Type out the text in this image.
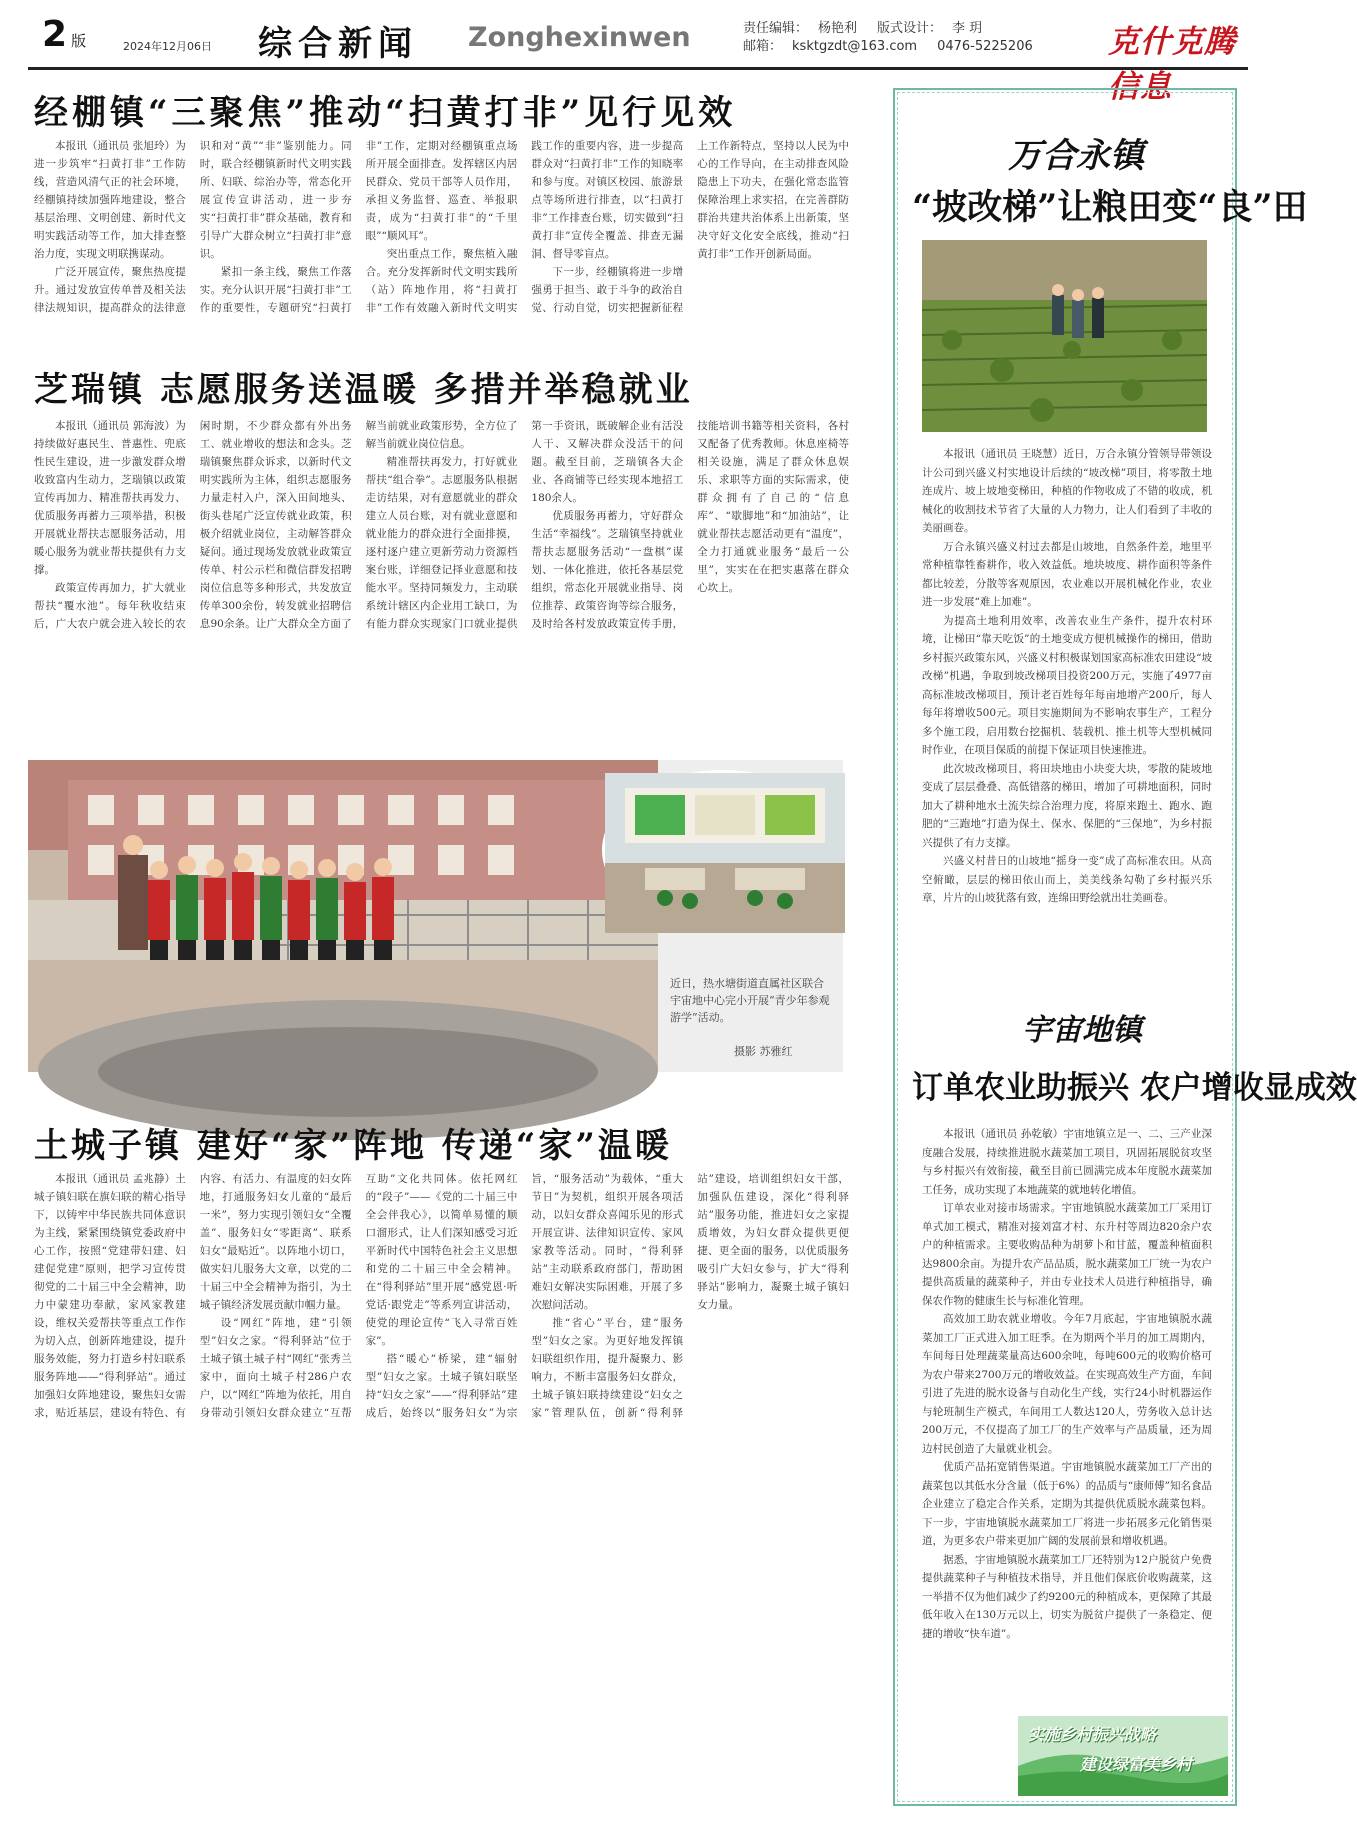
2 版	2024年12月06日 综合新闻 Zonghexinwen	责任编辑： 杨艳利 版式设计： 李 玥
邮箱： ksktgzdt@163.com 0476-5225206	克什克腾信息
经棚镇“三聚焦”推动“扫黄打非”见行见效

本报讯（通讯员 张旭玲）为进一步筑牢“扫黄打非”工作防线，营造风清气正的社会环境，经棚镇持续加强阵地建设，整合基层治理、文明创建、新时代文明实践活动等工作，加大排查整治力度，实现文明联携谋动。

广泛开展宣传，聚焦热度提升。通过发放宣传单普及相关法律法规知识，提高群众的法律意识和对“黄”“非”鉴别能力。同时，联合经棚镇新时代文明实践所、妇联、综治办等，常态化开展宣传宣讲活动，进一步夯实“扫黄打非”群众基础，教育和引导广大群众树立“扫黄打非”意识。

紧扣一条主线，聚焦工作落实。充分认识开展“扫黄打非”工作的重要性，专题研究“扫黄打非”工作，定期对经棚镇重点场所开展全面排查。发挥辖区内居民群众、党员干部等人员作用，承担义务监督、巡查、举报职责，成为“扫黄打非”的“千里眼”“顺风耳”。

突出重点工作，聚焦植入融合。充分发挥新时代文明实践所（站）阵地作用，将“扫黄打非”工作有效融入新时代文明实践工作的重要内容，进一步提高群众对“扫黄打非”工作的知晓率和参与度。对镇区校园、旅游景点等场所进行排查，以“扫黄打非”工作排查台账，切实做到“扫黄打非”宣传全覆盖、排查无漏洞、督导零盲点。

下一步，经棚镇将进一步增强勇于担当、敢于斗争的政治自觉、行动自觉，切实把握新征程上工作新特点，坚持以人民为中心的工作导向，在主动排查风险隐患上下功夫，在强化常态监管保障治理上求实招，在完善群防群治共建共治体系上出新策，坚决守好文化安全底线，推动“扫黄打非”工作开创新局面。

芝瑞镇 志愿服务送温暖 多措并举稳就业

本报讯（通讯员 郭海波）为持续做好惠民生、普惠性、兜底性民生建设，进一步激发群众增收致富内生动力，芝瑞镇以政策宣传再加力、精准帮扶再发力、优质服务再蓄力三项举措，积极开展就业帮扶志愿服务活动，用暖心服务为就业帮扶提供有力支撑。

政策宣传再加力，扩大就业帮扶“覆水池”。每年秋收结束后，广大农户就会进入较长的农闲时期，不少群众都有外出务工、就业增收的想法和念头。芝瑞镇聚焦群众诉求，以新时代文明实践所为主体，组织志愿服务力量走村入户，深入田间地头、街头巷尾广泛宣传就业政策，积极介绍就业岗位，主动解答群众疑问。通过现场发放就业政策宣传单、村公示栏和微信群发招聘岗位信息等多种形式，共发放宣传单300余份，转发就业招聘信息90余条。让广大群众全方面了解当前就业政策形势，全方位了解当前就业岗位信息。

精准帮扶再发力，打好就业帮扶“组合拳”。志愿服务队根据走访结果，对有意愿就业的群众建立人员台账，对有就业意愿和就业能力的群众进行全面排摸，逐村逐户建立更新劳动力资源档案台账，详细登记择业意愿和技能水平。坚持同频发力，主动联系统计辖区内企业用工缺口，为有能力群众实现家门口就业提供第一手资讯，既破解企业有活没人干、又解决群众没活干的问题。截至目前，芝瑞镇各大企业、各商铺等已经实现本地招工180余人。

优质服务再蓄力，守好群众生活“幸福线”。芝瑞镇坚持就业帮扶志愿服务活动“一盘棋”谋划、一体化推进，依托各基层党组织，常态化开展就业指导、岗位推荐、政策咨询等综合服务，及时给各村发放政策宣传手册，技能培训书籍等相关资料，各村又配备了优秀教师。休息座椅等相关设施，满足了群众休息娱乐、求职等方面的实际需求，使群众拥有了自己的“信息库”、“歇脚地”和“加油站”，让就业帮扶志愿活动更有“温度”，全力打通就业服务“最后一公里”，实实在在把实惠落在群众心坎上。

近日，热水塘街道直属社区联合宇宙地中心完小开展“青少年参观游学”活动。
摄影 苏雅红
土城子镇 建好“家”阵地 传递“家”温暖

本报讯（通讯员 孟兆静）土城子镇妇联在旗妇联的精心指导下，以铸牢中华民族共同体意识为主线，紧紧围绕镇党委政府中心工作，按照“党建带妇建、妇建促党建”原则，把学习宣传贯彻党的二十届三中全会精神，助力中蒙建功奉献，家风家教建设，维权关爱帮扶等重点工作作为切入点，创新阵地建设，提升服务效能，努力打造乡村妇联系服务阵地——“得利驿站”。通过加强妇女阵地建设，聚焦妇女需求，贴近基层，建设有特色、有内容、有活力、有温度的妇女阵地，打通服务妇女儿童的“最后一米”，努力实现引领妇女“全覆盖”、服务妇女“零距离”、联系妇女“最贴近”。以阵地小切口，做实妇儿服务大文章，以党的二十届三中全会精神为指引，为土城子镇经济发展贡献巾帼力量。

设“网红”阵地，建“引领型”妇女之家。“得利驿站”位于土城子镇土城子村“网红”张秀兰家中，面向土城子村286户农户，以“网红”阵地为依托，用自身带动引领妇女群众建立“互帮互助”文化共同体。依托网红的“段子”——《党的二十届三中全会伴我心》，以简单易懂的顺口溜形式，让人们深知感受习近平新时代中国特色社会主义思想和党的二十届三中全会精神。在“得利驿站”里开展“感党恩·听党话·跟党走”等系列宣讲活动，使党的理论宣传“飞入寻常百姓家”。

搭“暖心”桥梁，建“辐射型”妇女之家。土城子镇妇联坚持“妇女之家”——“得利驿站”建成后，始终以“服务妇女”为宗旨，“服务活动”为载体，“重大节日”为契机，组织开展各项活动，以妇女群众喜闻乐见的形式开展宣讲、法律知识宣传、家风家教等活动。同时，“得利驿站”主动联系政府部门，帮助困难妇女解决实际困难，开展了多次慰问活动。

推“省心”平台，建“服务型”妇女之家。为更好地发挥镇妇联组织作用，提升凝聚力、影响力，不断丰富服务妇女群众，土城子镇妇联持续建设“妇女之家”管理队伍，创新“得利驿站”建设，培训组织妇女干部，加强队伍建设，深化“得利驿站”服务功能，推进妇女之家提质增效，为妇女群众提供更便捷、更全面的服务，以优质服务吸引广大妇女参与，扩大“得利驿站”影响力，凝聚土城子镇妇女力量。

万合永镇
“坡改梯”让粮田变“良”田

本报讯（通讯员 王晓慧）近日，万合永镇分管领导带领设计公司到兴盛义村实地设计后续的“坡改梯”项目，将零散土地连成片、坡上坡地变梯田，种植的作物收成了不错的收成，机械化的收割技术节省了大量的人力物力，让人们看到了丰收的美丽画卷。

万合永镇兴盛义村过去都是山坡地，自然条件差，地里平常种植靠牲畜耕作，收入效益低。地块坡度、耕作面积等条件都比较差，分散等客观原因，农业难以开展机械化作业，农业进一步发展“难上加难”。

为提高土地利用效率，改善农业生产条件，提升农村环境，让梯田“靠天吃饭”的土地变成方便机械操作的梯田，借助乡村振兴政策东风，兴盛义村积极谋划国家高标准农田建设“坡改梯”机遇，争取到坡改梯项目投资200万元，实施了4977亩高标准坡改梯项目，预计老百姓每年每亩地增产200斤，每人每年将增收500元。项目实施期间为不影响农事生产，工程分多个施工段，启用数台挖掘机、装载机、推土机等大型机械同时作业，在项目保质的前提下保证项目快速推进。

此次坡改梯项目，将田块地由小块变大块，零散的陡坡地变成了层层叠叠、高低错落的梯田，增加了可耕地面积，同时加大了耕种地水土流失综合治理力度，将原来跑土、跑水、跑肥的“三跑地”打造为保土、保水、保肥的“三保地”，为乡村振兴提供了有力支撑。

兴盛义村昔日的山坡地“摇身一变”成了高标准农田。从高空俯瞰，层层的梯田依山而上，美美线条勾勒了乡村振兴乐章，片片的山坡犹落有致，连绵田野绘就出壮美画卷。

宇宙地镇
订单农业助振兴 农户增收显成效

本报讯（通讯员 孙乾敏）宇宙地镇立足一、二、三产业深度融合发展，持续推进脱水蔬菜加工项目，巩固拓展脱贫攻坚与乡村振兴有效衔接，截至目前已圆满完成本年度脱水蔬菜加工任务，成功实现了本地蔬菜的就地转化增值。

订单农业对接市场需求。宇宙地镇脱水蔬菜加工厂采用订单式加工模式，精准对接刘富才村、东升村等周边820余户农户的种植需求。主要收购品种为胡萝卜和甘蓝，覆盖种植面积达9800余亩。为提升农产品品质，脱水蔬菜加工厂统一为农户提供高质量的蔬菜种子，并由专业技术人员进行种植指导，确保农作物的健康生长与标准化管理。

高效加工助农就业增收。今年7月底起，宇宙地镇脱水蔬菜加工厂正式进入加工旺季。在为期两个半月的加工周期内，车间每日处理蔬菜量高达600余吨，每吨600元的收购价格可为农户带来2700万元的增收效益。在实现高效生产方面，车间引进了先进的脱水设备与自动化生产线，实行24小时机器运作与轮班制生产模式，车间用工人数达120人，劳务收入总计达200万元，不仅提高了加工厂的生产效率与产品质量，还为周边村民创造了大量就业机会。

优质产品拓宽销售渠道。宇宙地镇脱水蔬菜加工厂产出的蔬菜包以其低水分含量（低于6%）的品质与“康师傅”知名食品企业建立了稳定合作关系，定期为其提供优质脱水蔬菜包料。下一步，宇宙地镇脱水蔬菜加工厂将进一步拓展多元化销售渠道，为更多农户带来更加广阔的发展前景和增收机遇。

据悉，宇宙地镇脱水蔬菜加工厂还特别为12户脱贫户免费提供蔬菜种子与种植技术指导，并且他们保底价收购蔬菜，这一举措不仅为他们减少了约9200元的种植成本，更保障了其最低年收入在130万元以上，切实为脱贫户提供了一条稳定、便捷的增收“快车道”。

实施乡村振兴战略
建设绿富美乡村
